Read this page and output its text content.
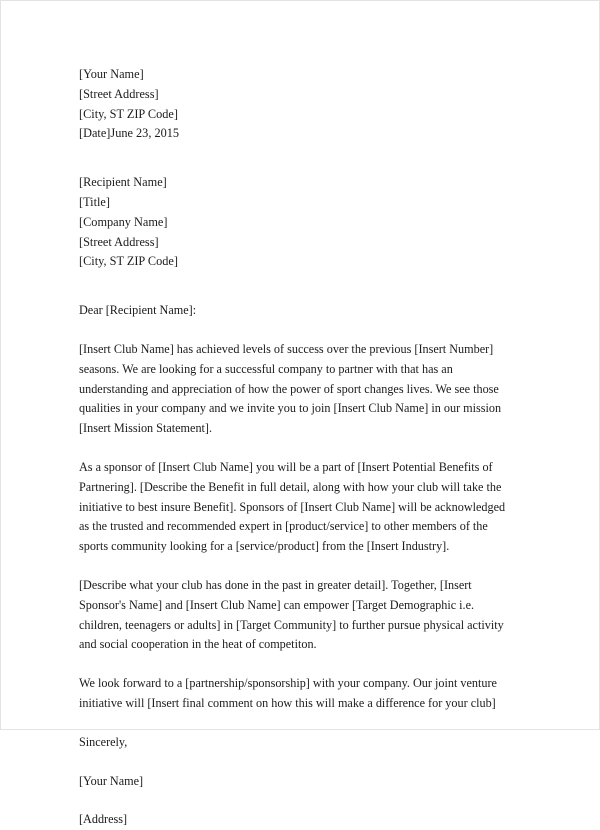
[Your Name]
[Street Address]
[City, ST ZIP Code]
[Date]June 23, 2015
[Recipient Name]
[Title]
[Company Name]
[Street Address]
[City, ST ZIP Code]
Dear [Recipient Name]:
[Insert Club Name] has achieved levels of success over the previous [Insert Number]
seasons. We are looking for a successful company to partner with that has an
understanding and appreciation of how the power of sport changes lives. We see those
qualities in your company and we invite you to join [Insert Club Name] in our mission
[Insert Mission Statement].
As a sponsor of [Insert Club Name] you will be a part of [Insert Potential Benefits of
Partnering]. [Describe the Benefit in full detail, along with how your club will take the
initiative to best insure Benefit]. Sponsors of [Insert Club Name] will be acknowledged
as the trusted and recommended expert in [product/service] to other members of the
sports community looking for a [service/product] from the [Insert Industry].
[Describe what your club has done in the past in greater detail]. Together, [Insert
Sponsor's Name] and [Insert Club Name] can empower [Target Demographic i.e.
children, teenagers or adults] in [Target Community] to further pursue physical activity
and social cooperation in the heat of competiton.
We look forward to a [partnership/sponsorship] with your company. Our joint venture
initiative will [Insert final comment on how this will make a difference for your club]
Sincerely,
[Your Name]
[Address]
